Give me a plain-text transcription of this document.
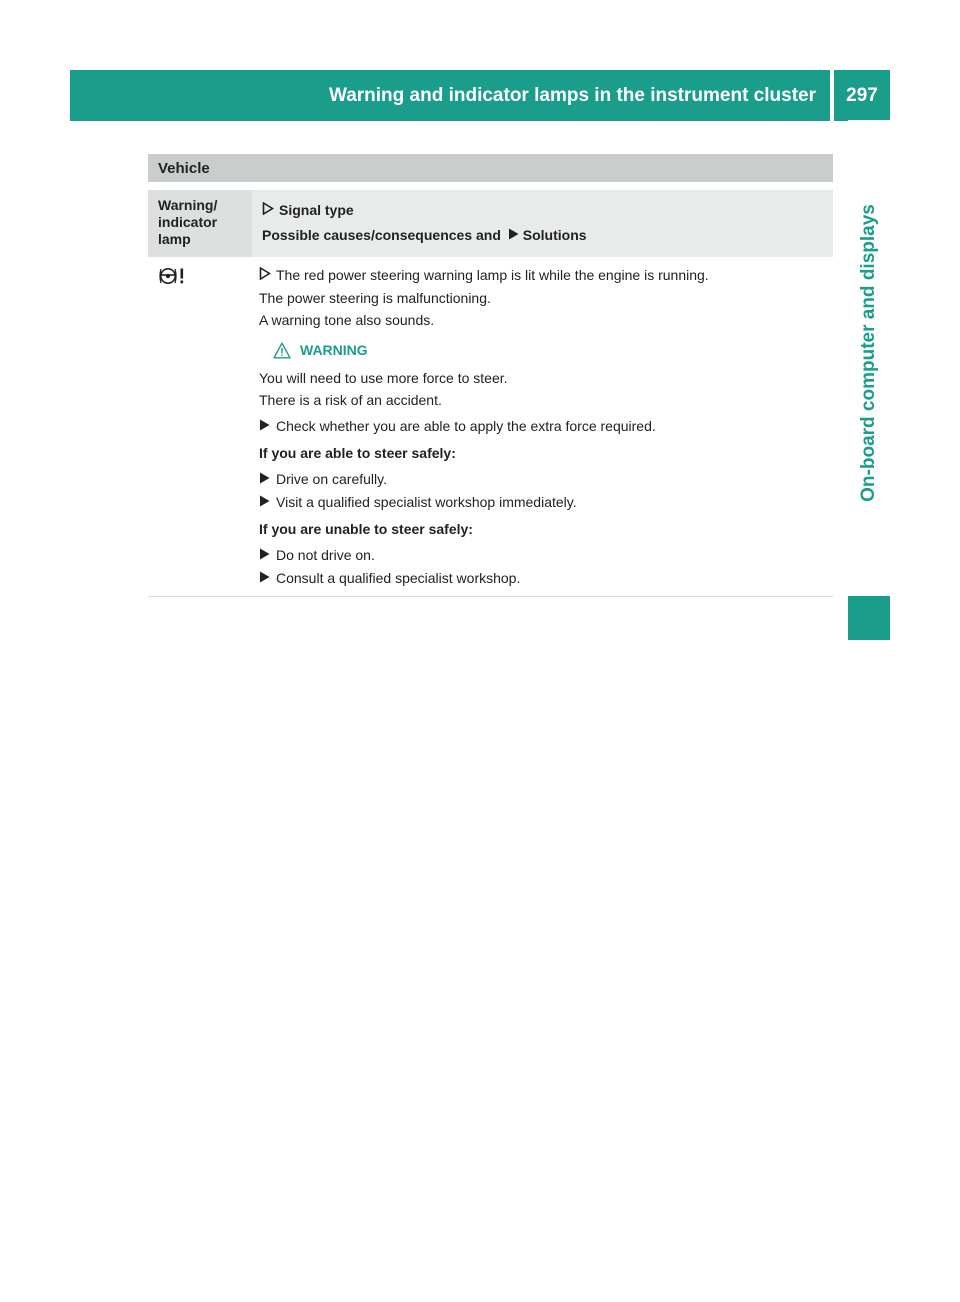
Warning and indicator lamps in the instrument cluster 297
On-board computer and displays
Vehicle
Warning/
indicator
lamp
Signal type
Possible causes/consequences and Solutions

The red power steering warning lamp is lit while the engine is running.

The power steering is malfunctioning.

A warning tone also sounds.

WARNING

You will need to use more force to steer.

There is a risk of an accident.

Check whether you are able to apply the extra force required.

If you are able to steer safely:

Drive on carefully.

Visit a qualified specialist workshop immediately.

If you are unable to steer safely:

Do not drive on.

Consult a qualified specialist workshop.
